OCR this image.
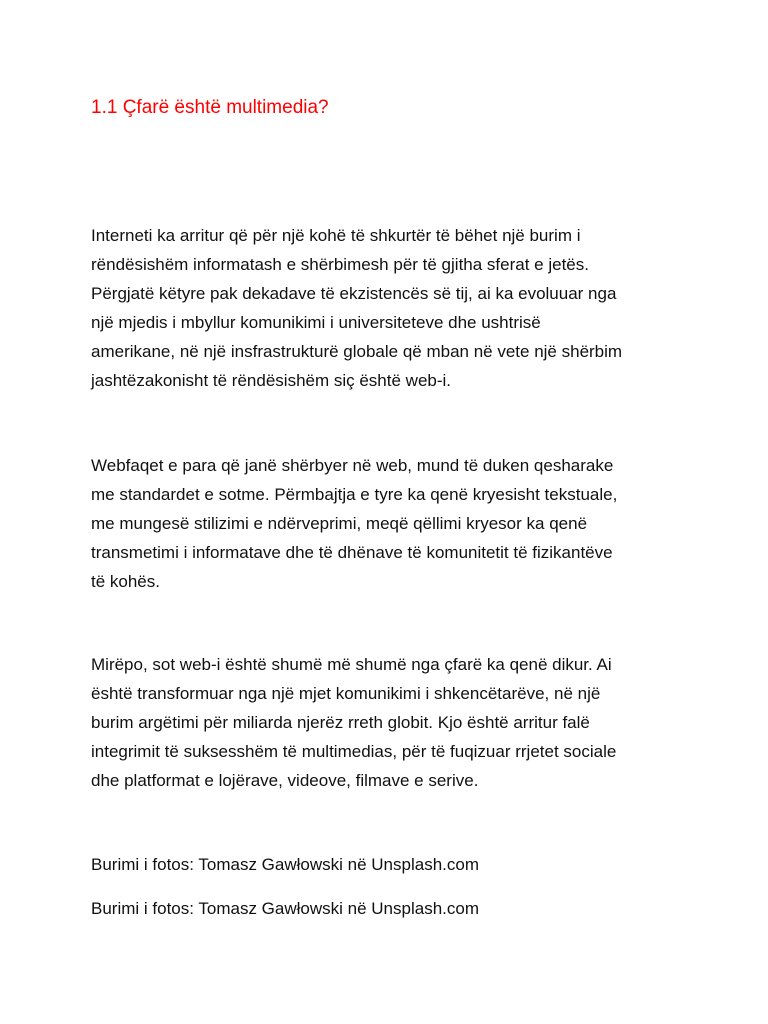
1.1 Çfarë është multimedia?

Interneti ka arritur që për një kohë të shkurtër të bëhet një burim i
rëndësishëm informatash e shërbimesh për të gjitha sferat e jetës.
Përgjatë këtyre pak dekadave të ekzistencës së tij, ai ka evoluuar nga
një mjedis i mbyllur komunikimi i universiteteve dhe ushtrisë
amerikane, në një insfrastrukturë globale që mban në vete një shërbim
jashtëzakonisht të rëndësishëm siç është web-i.

Webfaqet e para që janë shërbyer në web, mund të duken qesharake
me standardet e sotme. Përmbajtja e tyre ka qenë kryesisht tekstuale,
me mungesë stilizimi e ndërveprimi, meqë qëllimi kryesor ka qenë
transmetimi i informatave dhe të dhënave të komunitetit të fizikantëve
të kohës.

Mirëpo, sot web-i është shumë më shumë nga çfarë ka qenë dikur. Ai
është transformuar nga një mjet komunikimi i shkencëtarëve, në një
burim argëtimi për miliarda njerëz rreth globit. Kjo është arritur falë
integrimit të suksesshëm të multimedias, për të fuqizuar rrjetet sociale
dhe platformat e lojërave, videove, filmave e serive.

Burimi i fotos: Tomasz Gawłowski në Unsplash.com

Burimi i fotos: Tomasz Gawłowski në Unsplash.com
